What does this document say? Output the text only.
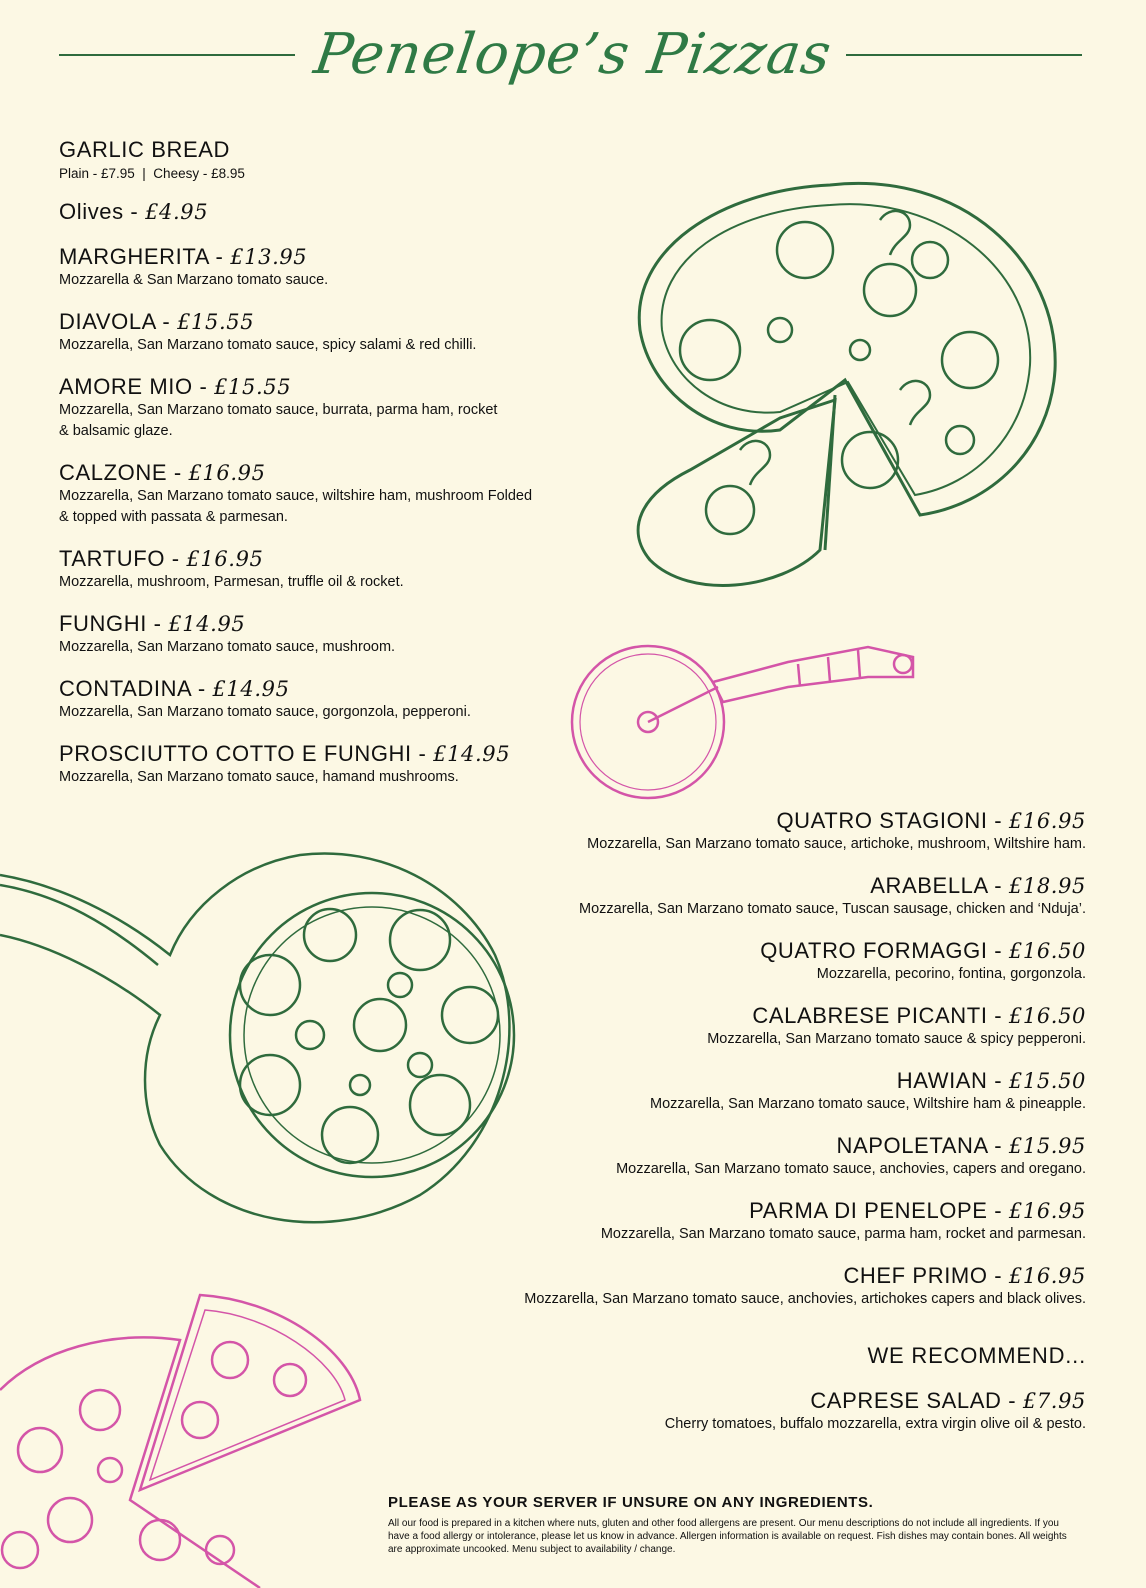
Penelope’s Pizzas
GARLIC BREAD
Plain - £7.95  |  Cheesy - £8.95
Olives - £4.95
MARGHERITA - £13.95
Mozzarella & San Marzano tomato sauce.
DIAVOLA - £15.55
Mozzarella, San Marzano tomato sauce, spicy salami & red chilli.
AMORE MIO - £15.55
Mozzarella, San Marzano tomato sauce, burrata, parma ham, rocket
& balsamic glaze.
CALZONE - £16.95
Mozzarella, San Marzano tomato sauce, wiltshire ham, mushroom Folded
& topped with passata & parmesan.
TARTUFO - £16.95
Mozzarella, mushroom, Parmesan, truffle oil & rocket.
FUNGHI - £14.95
Mozzarella, San Marzano tomato sauce, mushroom.
CONTADINA - £14.95
Mozzarella, San Marzano tomato sauce, gorgonzola, pepperoni.
PROSCIUTTO COTTO E FUNGHI - £14.95
Mozzarella, San Marzano tomato sauce, hamand mushrooms.
QUATRO STAGIONI - £16.95
Mozzarella, San Marzano tomato sauce, artichoke, mushroom, Wiltshire ham.
ARABELLA - £18.95
Mozzarella, San Marzano tomato sauce, Tuscan sausage, chicken and ‘Nduja’.
QUATRO FORMAGGI - £16.50
Mozzarella, pecorino, fontina, gorgonzola.
CALABRESE PICANTI - £16.50
Mozzarella, San Marzano tomato sauce & spicy pepperoni.
HAWIAN - £15.50
Mozzarella, San Marzano tomato sauce, Wiltshire ham & pineapple.
NAPOLETANA - £15.95
Mozzarella, San Marzano tomato sauce, anchovies, capers and oregano.
PARMA DI PENELOPE - £16.95
Mozzarella, San Marzano tomato sauce, parma ham, rocket and parmesan.
CHEF PRIMO - £16.95
Mozzarella, San Marzano tomato sauce, anchovies, artichokes capers and black olives.
WE RECOMMEND...
CAPRESE SALAD - £7.95
Cherry tomatoes, buffalo mozzarella, extra virgin olive oil & pesto.
PLEASE AS YOUR SERVER IF UNSURE ON ANY INGREDIENTS.
All our food is prepared in a kitchen where nuts, gluten and other food allergens are present. Our menu descriptions do not include all ingredients. If you have a food allergy or intolerance, please let us know in advance. Allergen information is available on request. Fish dishes may contain bones. All weights are approximate uncooked. Menu subject to availability / change.
